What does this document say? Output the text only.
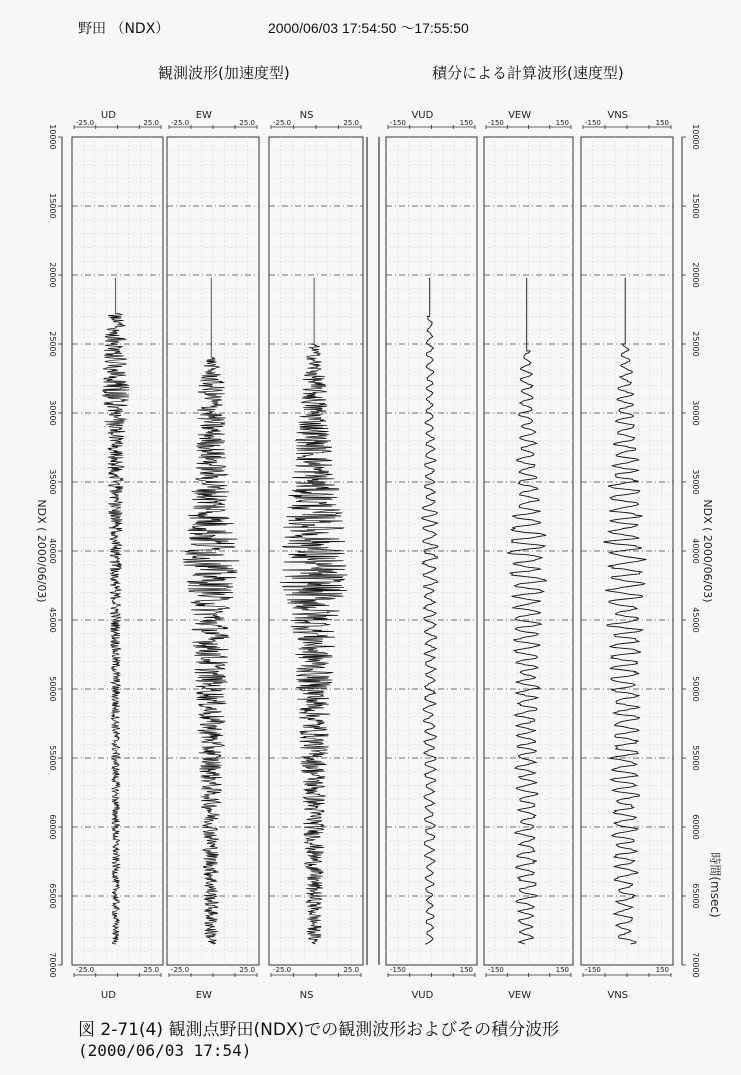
野田 （NDX）	2000/06/03 17:54:50 ～17:55:50
観測波形(加速度型)	積分による計算波形(速度型)
-25.0	25.0
-25.0	25.0
UD
UD
-25.0	25.0
-25.0	25.0
EW
EW
-25.0	25.0
-25.0	25.0
NS
NS
-150	150
-150	150
VUD
VUD
-150	150
-150	150
VEW
VEW
-150	150
-150	150
VNS
VNS
10000	10000
15000	15000
20000	20000
25000	25000
30000	30000
35000	35000
40000	40000
45000	45000
50000	50000
55000	55000
60000	60000
65000	65000
70000	70000
NDX ( 2000/06/03)	NDX ( 2000/06/03)
時間(msec)
図 2-71(4) 観測点野田(NDX)での観測波形およびその積分波形
(2000/06/03 17:54)
